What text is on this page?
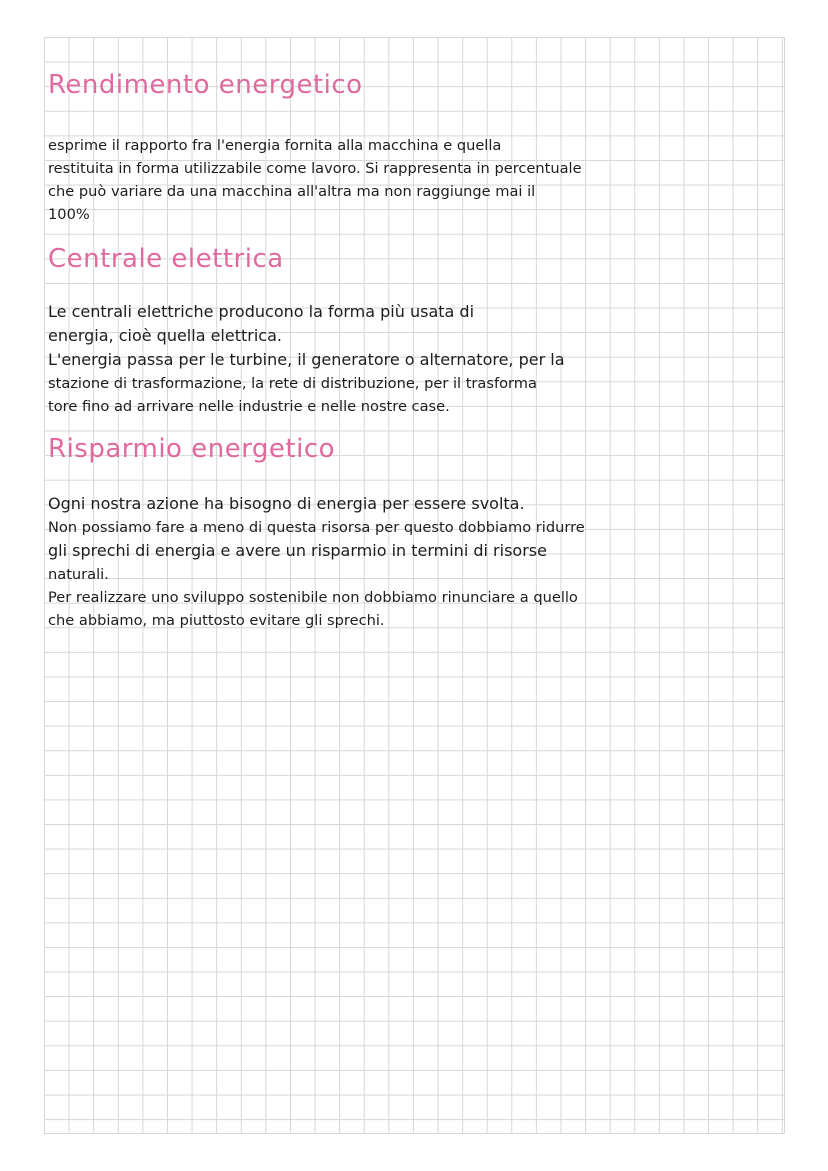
Rendimento energetico

esprime il rapporto fra l'energia fornita alla macchina e quella

restituita in forma utilizzabile come lavoro. Si rappresenta in percentuale

che può variare da una macchina all'altra ma non raggiunge mai il

100%

Centrale elettrica

Le centrali elettriche producono la forma più usata di

energia, cioè quella elettrica.

L'energia passa per le turbine, il generatore o alternatore, per la

stazione di trasformazione, la rete di distribuzione, per il trasforma

tore fino ad arrivare nelle industrie e nelle nostre case.

Risparmio energetico

Ogni nostra azione ha bisogno di energia per essere svolta.

Non possiamo fare a meno di questa risorsa per questo dobbiamo ridurre

gli sprechi di energia e avere un risparmio in termini di risorse

naturali.

Per realizzare uno sviluppo sostenibile non dobbiamo rinunciare a quello

che abbiamo, ma piuttosto evitare gli sprechi.
